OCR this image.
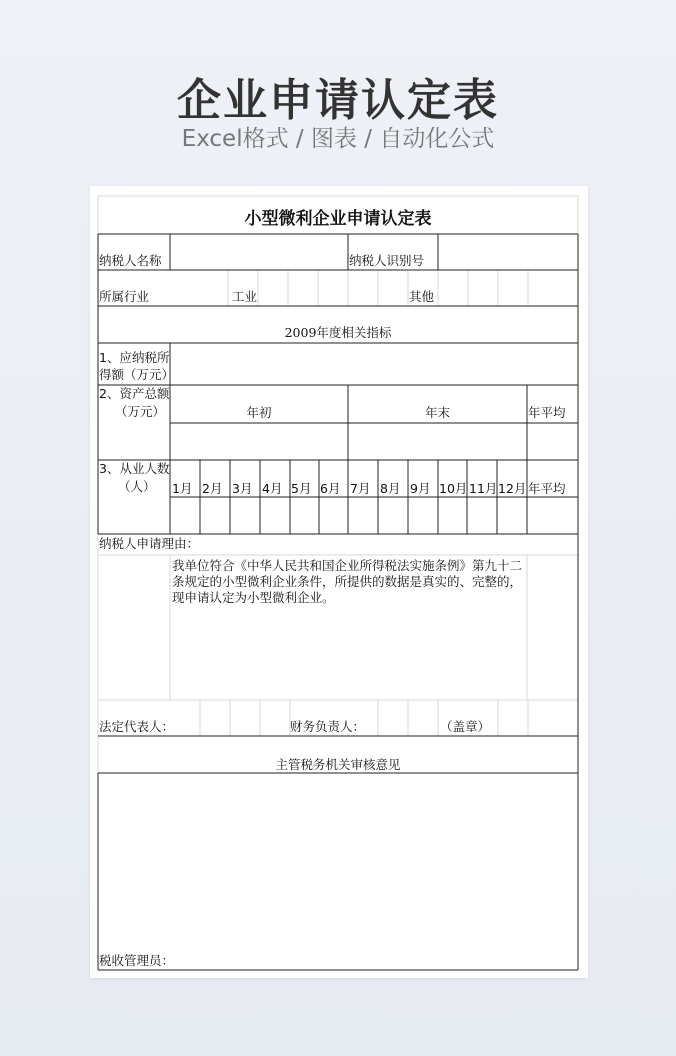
企业申请认定表
Excel格式 / 图表 / 自动化公式
小型微利企业申请认定表
纳税人名称	纳税人识别号
所属行业	工业	其他
2009年度相关指标
1、应纳税所
得额（万元）
2、资产总额
（万元）	年初	年末	年平均
3、从业人数
（人） 1月 2月 3月 4月 5月 6月 7月 8月 9月 10月 11月 12月 年平均
纳税人申请理由：
我单位符合《中华人民共和国企业所得税法实施条例》第九十二条规定的小型微利企业条件，所提供的数据是真实的、完整的，现申请认定为小型微利企业。
法定代表人：	财务负责人：	（盖章）
主管税务机关审核意见
税收管理员：
